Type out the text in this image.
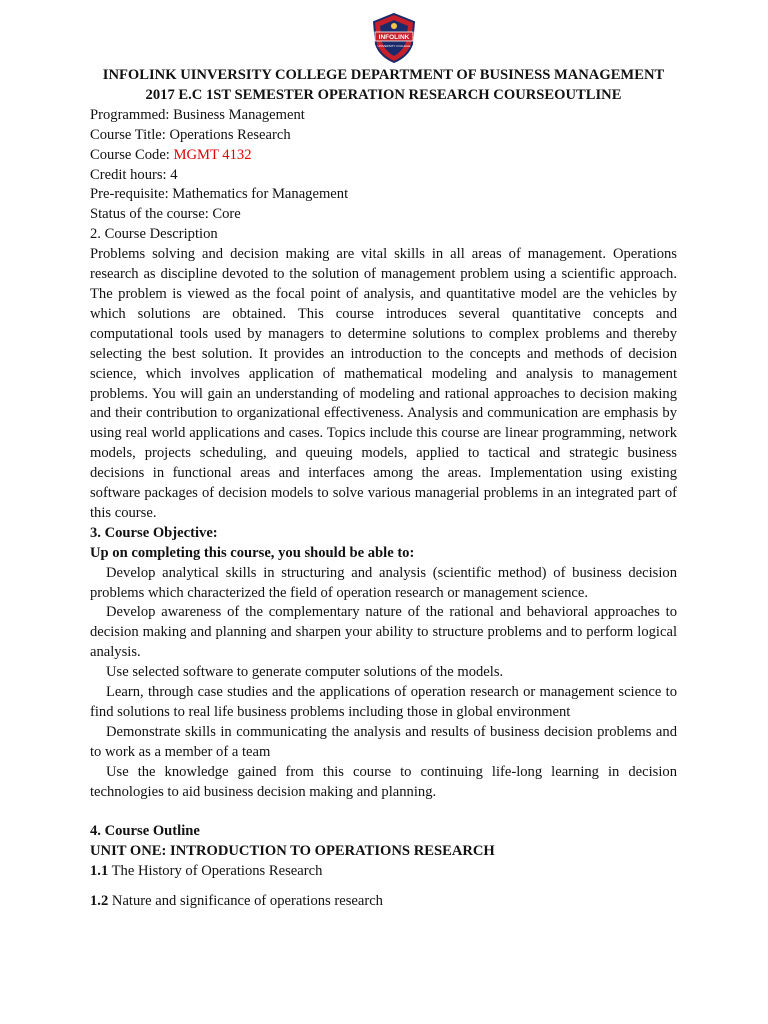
INFOLINK
UNIVERSITY COLLEGE

INFOLINK UINVERSITY COLLEGE DEPARTMENT OF BUSINESS MANAGEMENT

2017 E.C 1ST SEMESTER OPERATION RESEARCH COURSEOUTLINE

Programmed: Business Management

Course Title: Operations Research

Course Code: MGMT 4132

Credit hours: 4

Pre-requisite: Mathematics for Management

Status of the course: Core

2. Course Description

Problems solving and decision making are vital skills in all areas of management. Operations research as discipline devoted to the solution of management problem using a scientific approach. The problem is viewed as the focal point of analysis, and quantitative model are the vehicles by which solutions are obtained. This course introduces several quantitative concepts and computational tools used by managers to determine solutions to complex problems and thereby selecting the best solution. It provides an introduction to the concepts and methods of decision science, which involves application of mathematical modeling and analysis to management problems. You will gain an understanding of modeling and rational approaches to decision making and their contribution to organizational effectiveness. Analysis and communication are emphasis by using real world applications and cases. Topics include this course are linear programming, network models, projects scheduling, and queuing models, applied to tactical and strategic business decisions in functional areas and interfaces among the areas. Implementation using existing software packages of decision models to solve various managerial problems in an integrated part of this course.

3. Course Objective:

Up on completing this course, you should be able to:

Develop analytical skills in structuring and analysis (scientific method) of business decision problems which characterized the field of operation research or management science.

Develop awareness of the complementary nature of the rational and behavioral approaches to decision making and planning and sharpen your ability to structure problems and to perform logical analysis.

Use selected software to generate computer solutions of the models.

Learn, through case studies and the applications of operation research or management science to find solutions to real life business problems including those in global environment

Demonstrate skills in communicating the analysis and results of business decision problems and to work as a member of a team

Use the knowledge gained from this course to continuing life-long learning in decision technologies to aid business decision making and planning.

4. Course Outline

UNIT ONE: INTRODUCTION TO OPERATIONS RESEARCH

1.1 The History of Operations Research

1.2 Nature and significance of operations research
